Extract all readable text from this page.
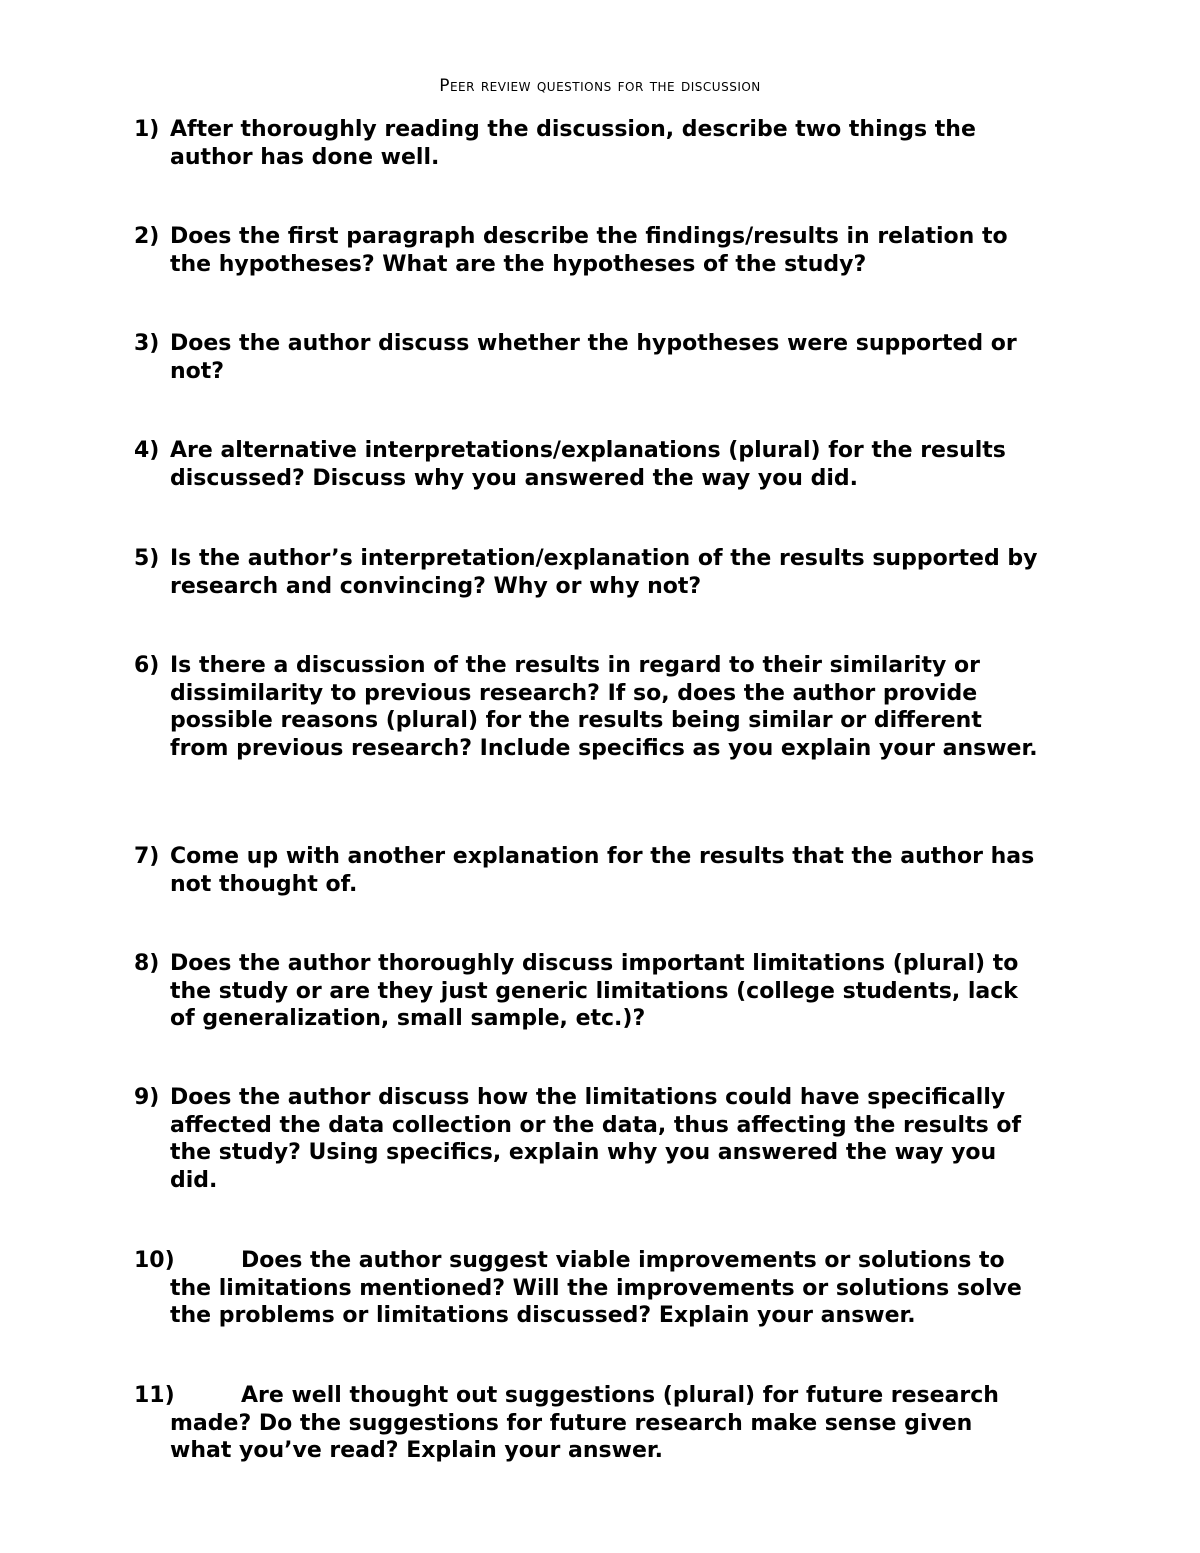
Peer review questions for the discussion
1) After thoroughly reading the discussion, describe two things the
author has done well.
2) Does the first paragraph describe the findings/results in relation to
the hypotheses? What are the hypotheses of the study?
3) Does the author discuss whether the hypotheses were supported or
not?
4) Are alternative interpretations/explanations (plural) for the results
discussed? Discuss why you answered the way you did.
5) Is the author’s interpretation/explanation of the results supported by
research and convincing? Why or why not?
6) Is there a discussion of the results in regard to their similarity or
dissimilarity to previous research? If so, does the author provide
possible reasons (plural) for the results being similar or different
from previous research? Include specifics as you explain your answer.
7) Come up with another explanation for the results that the author has
not thought of.
8) Does the author thoroughly discuss important limitations (plural) to
the study or are they just generic limitations (college students, lack
of generalization, small sample, etc.)?
9) Does the author discuss how the limitations could have specifically
affected the data collection or the data, thus affecting the results of
the study? Using specifics, explain why you answered the way you
did.
10)	Does the author suggest viable improvements or solutions to
the limitations mentioned? Will the improvements or solutions solve
the problems or limitations discussed? Explain your answer.
11)	Are well thought out suggestions (plural) for future research
made? Do the suggestions for future research make sense given
what you’ve read? Explain your answer.
